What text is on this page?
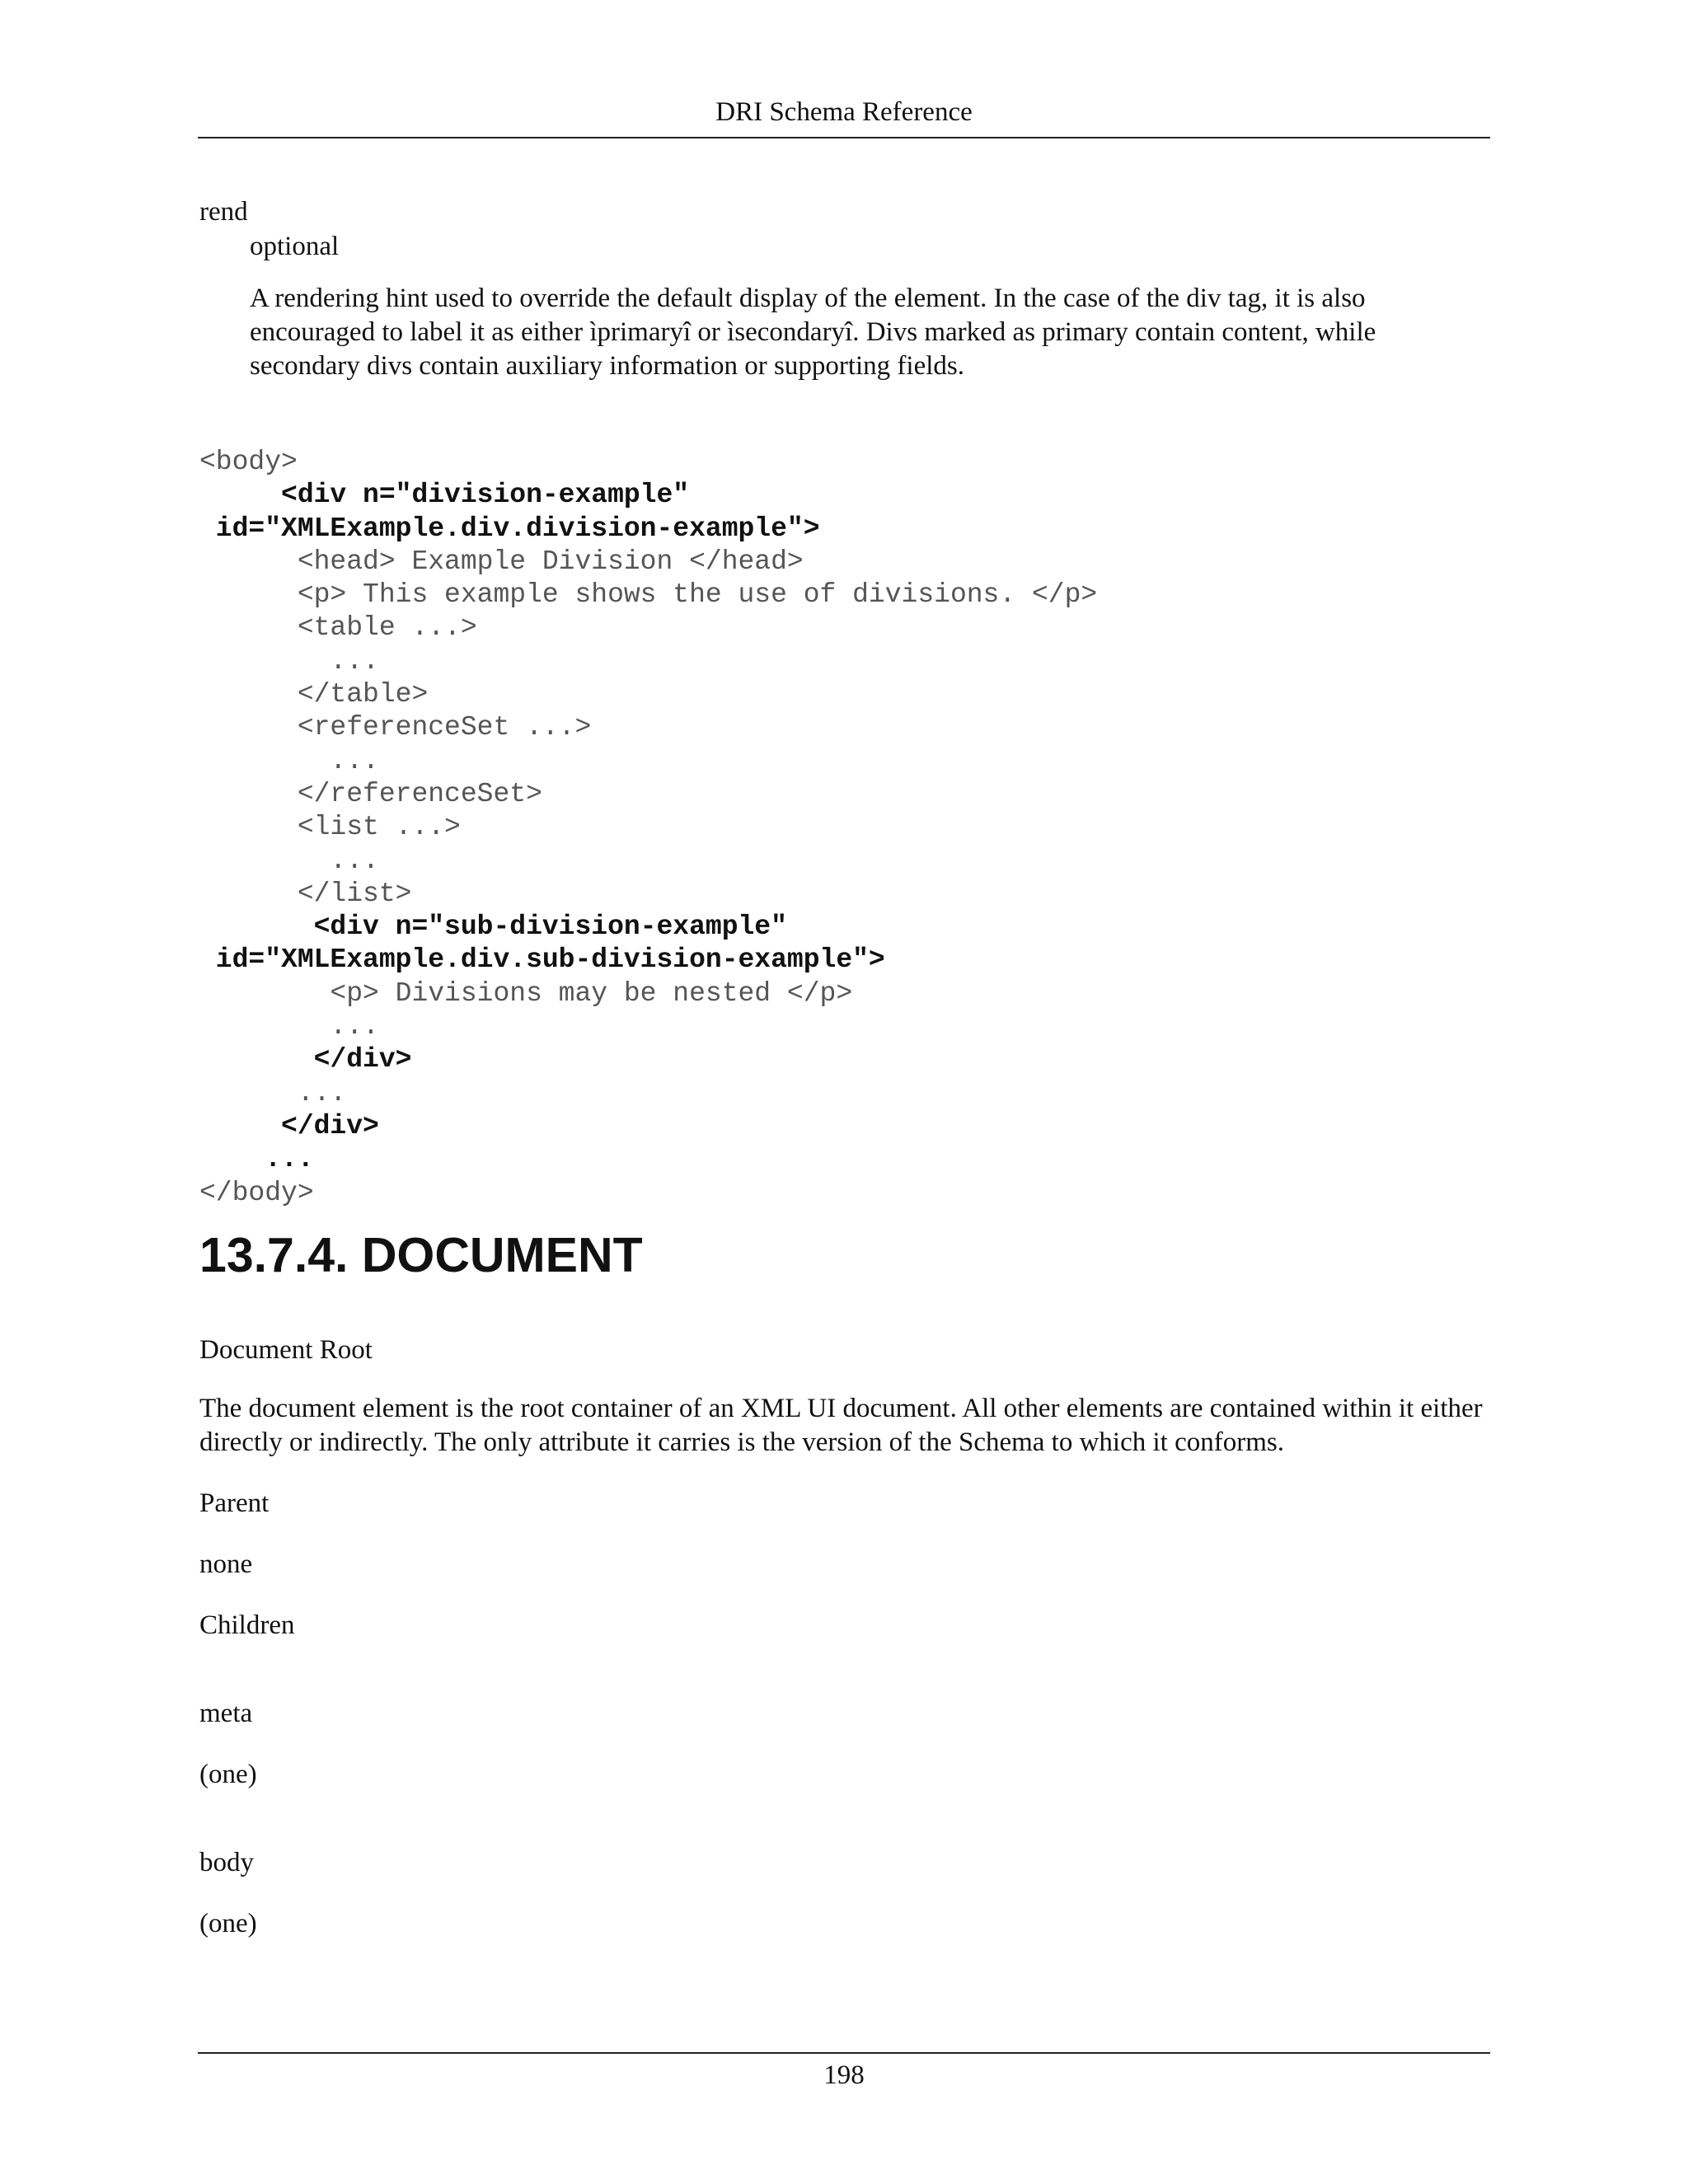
DRI Schema Reference
rend
optional
A rendering hint used to override the default display of the element. In the case of the div tag, it is also encouraged to label it as either ìprimaryî or ìsecondaryî. Divs marked as primary contain content, while secondary divs contain auxiliary information or supporting fields.
<body>
<div n="division-example"
id="XMLExample.div.division-example">
<head> Example Division </head>
<p> This example shows the use of divisions. </p>
<table ...>
...
</table>
<referenceSet ...>
...
</referenceSet>
<list ...>
...
</list>
<div n="sub-division-example"
id="XMLExample.div.sub-division-example">
<p> Divisions may be nested </p>
...
</div>
...
</div>
...
</body>
13.7.4. DOCUMENT

Document Root

The document element is the root container of an XML UI document. All other elements are contained within it either directly or indirectly. The only attribute it carries is the version of the Schema to which it conforms.

Parent

none

Children

meta

(one)

body

(one)

198
